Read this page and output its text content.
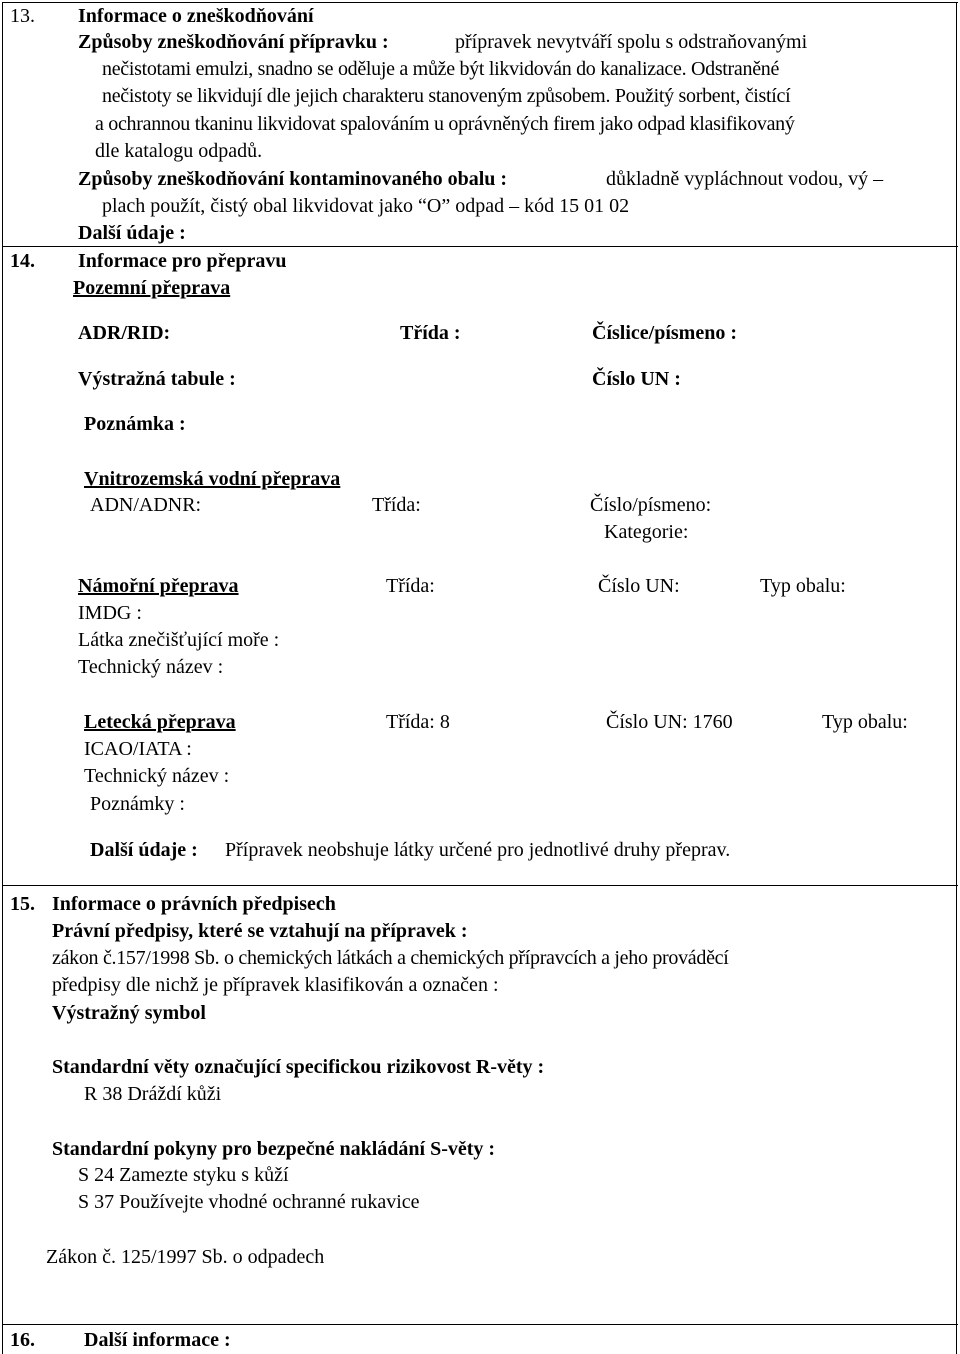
13. Informace o zneškodňování
Způsoby zneškodňování přípravku :	přípravek nevytváří spolu s odstraňovanými
nečistotami emulzi, snadno se oděluje a může být likvidován do kanalizace. Odstraněné
nečistoty se likvidují dle jejich charakteru stanoveným způsobem. Použitý sorbent, čistící
a ochrannou tkaninu likvidovat spalováním u oprávněných firem jako odpad klasifikovaný
dle katalogu odpadů.
Způsoby zneškodňování kontaminovaného obalu :	důkladně vypláchnout vodou, vý –
plach použít, čistý obal likvidovat jako “O” odpad – kód 15 01 02
Další údaje :
14. Informace pro přepravu
Pozemní přeprava
ADR/RID:	Třída :	Číslice/písmeno :
Výstražná tabule :	Číslo UN :
Poznámka :
Vnitrozemská vodní přeprava
ADN/ADNR:	Třída:	Číslo/písmeno:
Kategorie:
Námořní přeprava	Třída:	Číslo UN:	Typ obalu:
IMDG :
Látka znečišťující moře :
Technický název :
Letecká přeprava	Třída: 8	Číslo UN: 1760	Typ obalu:
ICAO/IATA :
Technický název :
Poznámky :
Další údaje : Přípravek neobshuje látky určené pro jednotlivé druhy přeprav.
15. Informace o právních předpisech
Právní předpisy, které se vztahují na přípravek :
zákon č.157/1998 Sb. o chemických látkách a chemických přípravcích a jeho prováděcí
předpisy dle nichž je přípravek klasifikován a označen :
Výstražný symbol
Standardní věty označující specifickou rizikovost R-věty :
R 38 Dráždí kůži
Standardní pokyny pro bezpečné nakládání S-věty :
S 24 Zamezte styku s kůží
S 37 Používejte vhodné ochranné rukavice
Zákon č. 125/1997 Sb. o odpadech
16. Další informace :
